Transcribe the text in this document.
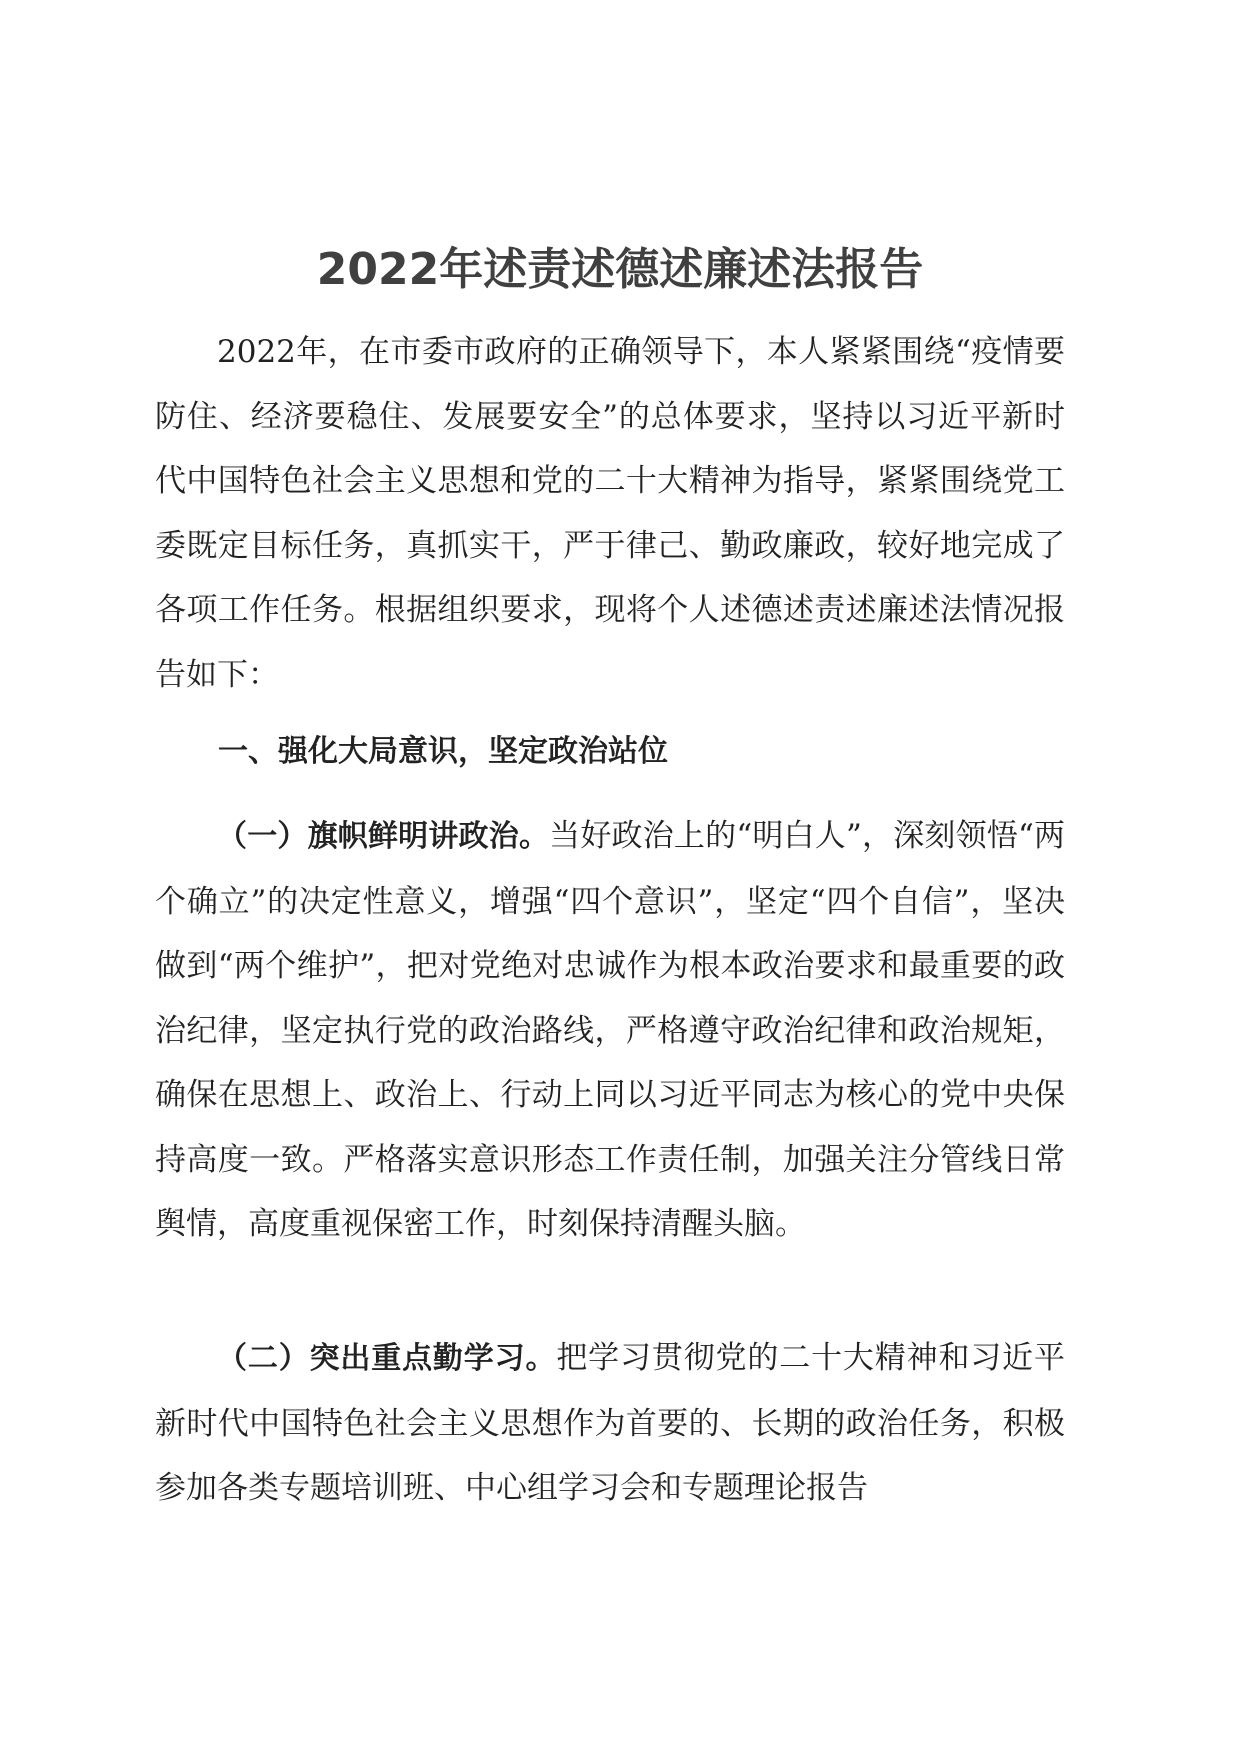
2022年述责述德述廉述法报告

2022年，在市委市政府的正确领导下，本人紧紧围绕“疫情要防住、经济要稳住、发展要安全”的总体要求，坚持以习近平新时代中国特色社会主义思想和党的二十大精神为指导，紧紧围绕党工委既定目标任务，真抓实干，严于律己、勤政廉政，较好地完成了各项工作任务。根据组织要求，现将个人述德述责述廉述法情况报告如下：

一、强化大局意识，坚定政治站位

（一）旗帜鲜明讲政治。当好政治上的“明白人”，深刻领悟“两个确立”的决定性意义，增强“四个意识”，坚定“四个自信”，坚决做到“两个维护”，把对党绝对忠诚作为根本政治要求和最重要的政治纪律，坚定执行党的政治路线，严格遵守政治纪律和政治规矩，确保在思想上、政治上、行动上同以习近平同志为核心的党中央保持高度一致。严格落实意识形态工作责任制，加强关注分管线日常舆情，高度重视保密工作，时刻保持清醒头脑。

（二）突出重点勤学习。把学习贯彻党的二十大精神和习近平新时代中国特色社会主义思想作为首要的、长期的政治任务，积极参加各类专题培训班、中心组学习会和专题理论报告
